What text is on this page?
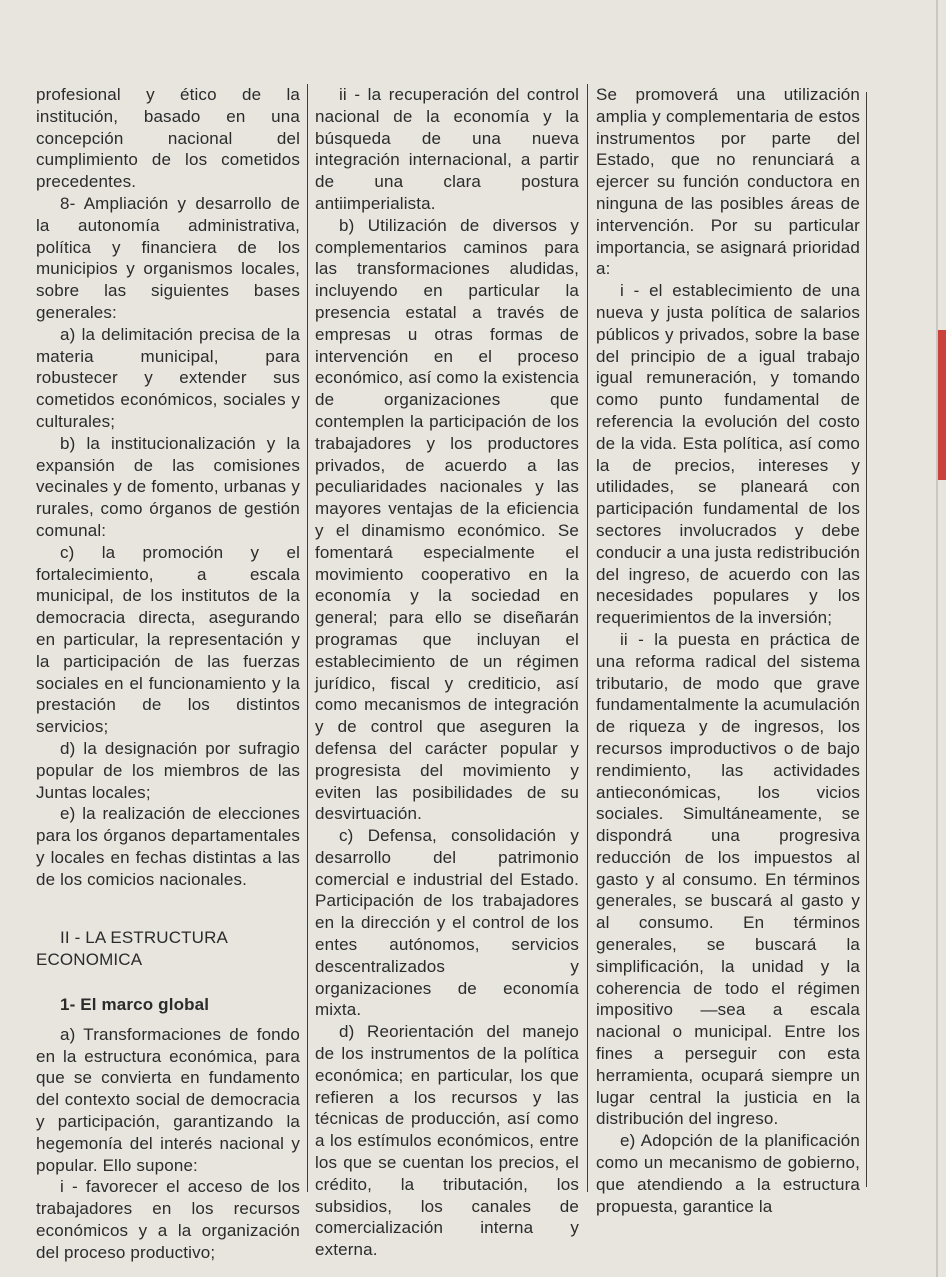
profesional y ético de la institución, basado en una concepción nacional del cumplimiento de los cometidos precedentes.

8- Ampliación y desarrollo de la autonomía administrativa, política y financiera de los municipios y organismos locales, sobre las siguientes bases generales:

a) la delimitación precisa de la materia municipal, para robustecer y extender sus cometidos económicos, sociales y culturales;

b) la institucionalización y la expansión de las comisiones vecinales y de fomento, urbanas y rurales, como órganos de gestión comunal:

c) la promoción y el fortalecimiento, a escala municipal, de los institutos de la democracia directa, asegurando en particular, la representación y la participación de las fuerzas sociales en el funcionamiento y la prestación de los distintos servicios;

d) la designación por sufragio popular de los miembros de las Juntas locales;

e) la realización de elecciones para los órganos departamentales y locales en fechas distintas a las de los comicios nacionales.

II - LA ESTRUCTURA ECONOMICA

1- El marco global

a) Transformaciones de fondo en la estructura económica, para que se convierta en fundamento del contexto social de democracia y participación, garantizando la hegemonía del interés nacional y popular. Ello supone:

i - favorecer el acceso de los trabajadores en los recursos económicos y a la organización del proceso productivo;

ii - la recuperación del control nacional de la economía y la búsqueda de una nueva integración internacional, a partir de una clara postura antiimperialista.

b) Utilización de diversos y complementarios caminos para las transformaciones aludidas, incluyendo en particular la presencia estatal a través de empresas u otras formas de intervención en el proceso económico, así como la existencia de organizaciones que contemplen la participación de los trabajadores y los productores privados, de acuerdo a las peculiaridades nacionales y las mayores ventajas de la eficiencia y el dinamismo económico. Se fomentará especialmente el movimiento cooperativo en la economía y la sociedad en general; para ello se diseñarán programas que incluyan el establecimiento de un régimen jurídico, fiscal y crediticio, así como mecanismos de integración y de control que aseguren la defensa del carácter popular y progresista del movimiento y eviten las posibilidades de su desvirtuación.

c) Defensa, consolidación y desarrollo del patrimonio comercial e industrial del Estado. Participación de los trabajadores en la dirección y el control de los entes autónomos, servicios descentralizados y organizaciones de economía mixta.

d) Reorientación del manejo de los instrumentos de la política económica; en particular, los que refieren a los recursos y las técnicas de producción, así como a los estímulos económicos, entre los que se cuentan los precios, el crédito, la tributación, los subsidios, los canales de comercialización interna y externa.

Se promoverá una utilización amplia y complementaria de estos instrumentos por parte del Estado, que no renunciará a ejercer su función conductora en ninguna de las posibles áreas de intervención. Por su particular importancia, se asignará prioridad a:

i - el establecimiento de una nueva y justa política de salarios públicos y privados, sobre la base del principio de a igual trabajo igual remuneración, y tomando como punto fundamental de referencia la evolución del costo de la vida. Esta política, así como la de precios, intereses y utilidades, se planeará con participación fundamental de los sectores involucrados y debe conducir a una justa redistribución del ingreso, de acuerdo con las necesidades populares y los requerimientos de la inversión;

ii - la puesta en práctica de una reforma radical del sistema tributario, de modo que grave fundamentalmente la acumulación de riqueza y de ingresos, los recursos improductivos o de bajo rendimiento, las actividades antieconómicas, los vicios sociales. Simultáneamente, se dispondrá una progresiva reducción de los impuestos al gasto y al consumo. En términos generales, se buscará al gasto y al consumo. En términos generales, se buscará la simplificación, la unidad y la coherencia de todo el régimen impositivo —sea a escala nacional o municipal. Entre los fines a perseguir con esta herramienta, ocupará siempre un lugar central la justicia en la distribución del ingreso.

e) Adopción de la planificación como un mecanismo de gobierno, que atendiendo a la estructura propuesta, garantice la
